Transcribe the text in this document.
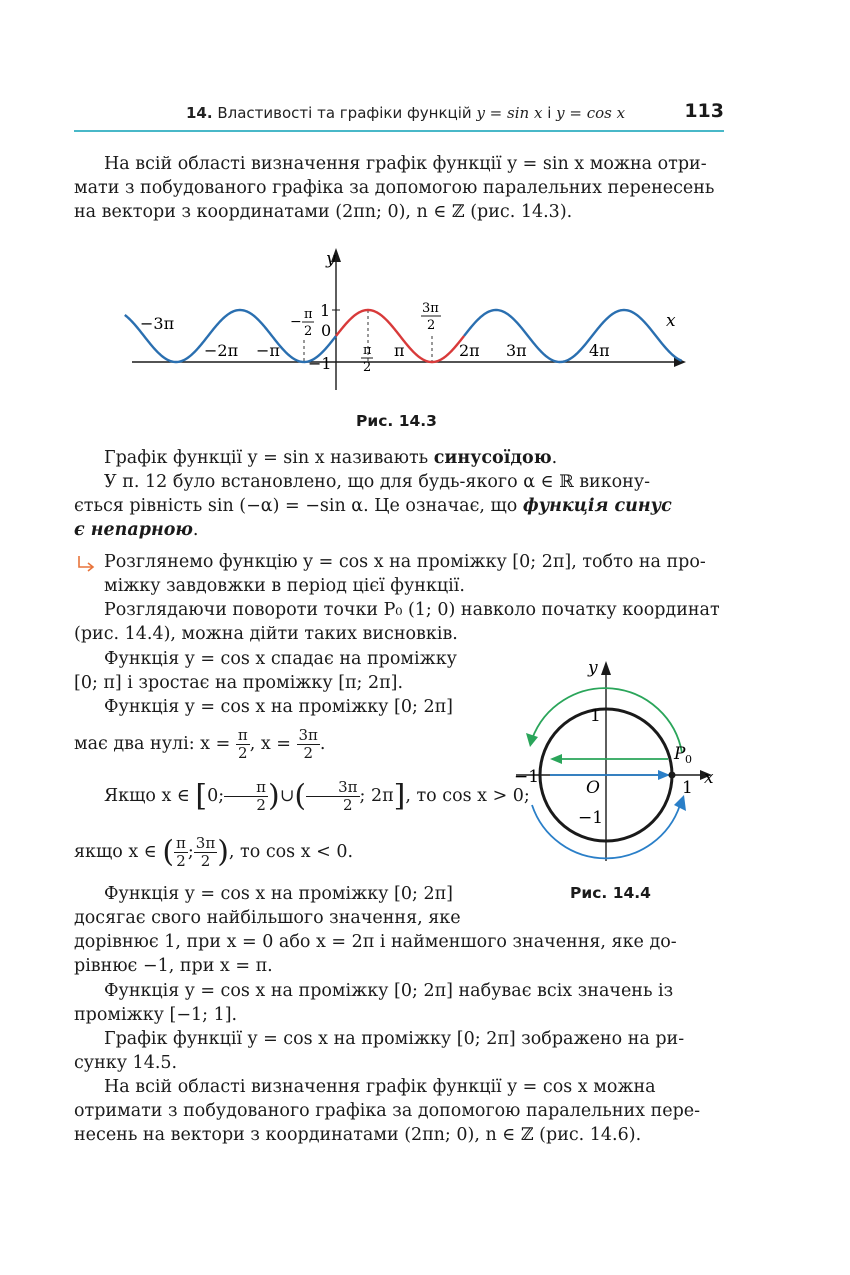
14. Властивості та графіки функцій y = sin x і y = cos x	113
На всій області визначення графік функції y = sin x можна отри-
мати з побудованого графіка за допомогою паралельних перенесень
на вектори з координатами (2πn; 0), n ∈ ℤ (рис. 14.3).
y
x
−3π
−2π −π
− π
2
1
0
−1
π
2
π
3π
2
2π 3π	4π
Рис. 14.3
Графік функції y = sin x називають синусоїдою.
У п. 12 було встановлено, що для будь-якого α ∈ ℝ викону-
ється рівність sin (−α) = −sin α. Це означає, що функція синус
є непарною.
Розглянемо функцію y = cos x на проміжку [0; 2π], тобто на про-
міжку завдовжки в період цієї функції.
Розглядаючи повороти точки P₀ (1; 0) навколо початку координат
(рис. 14.4), можна дійти таких висновків.
Функція y = cos x спадає на проміжку
[0; π] і зростає на проміжку [π; 2π].
Функція y = cos x на проміжку [0; 2π]
має два нулі: $x = \frac{\pi}{2}$ , $x = \frac{3\pi}{2}$ .
Якщо x ∈ [0; $\frac{\pi}{2}$ )∪( $\frac{3\pi}{2}$ ; 2π], то cos x > 0;
якщо x ∈ ( $\frac{\pi}{2}$ ; $\frac{3\pi}{2}$ ), то cos x < 0.
y
x
1
−1
O
−1
1
P 0
Рис. 14.4
Функція y = cos x на проміжку [0; 2π]
досягає свого найбільшого значення, яке
дорівнює 1, при x = 0 або x = 2π і найменшого значення, яке до-
рівнює −1, при x = π.
Функція y = cos x на проміжку [0; 2π] набуває всіх значень із
проміжку [−1; 1].
Графік функції y = cos x на проміжку [0; 2π] зображено на ри-
сунку 14.5.
На всій області визначення графік функції y = cos x можна
отримати з побудованого графіка за допомогою паралельних пере-
несень на вектори з координатами (2πn; 0), n ∈ ℤ (рис. 14.6).
